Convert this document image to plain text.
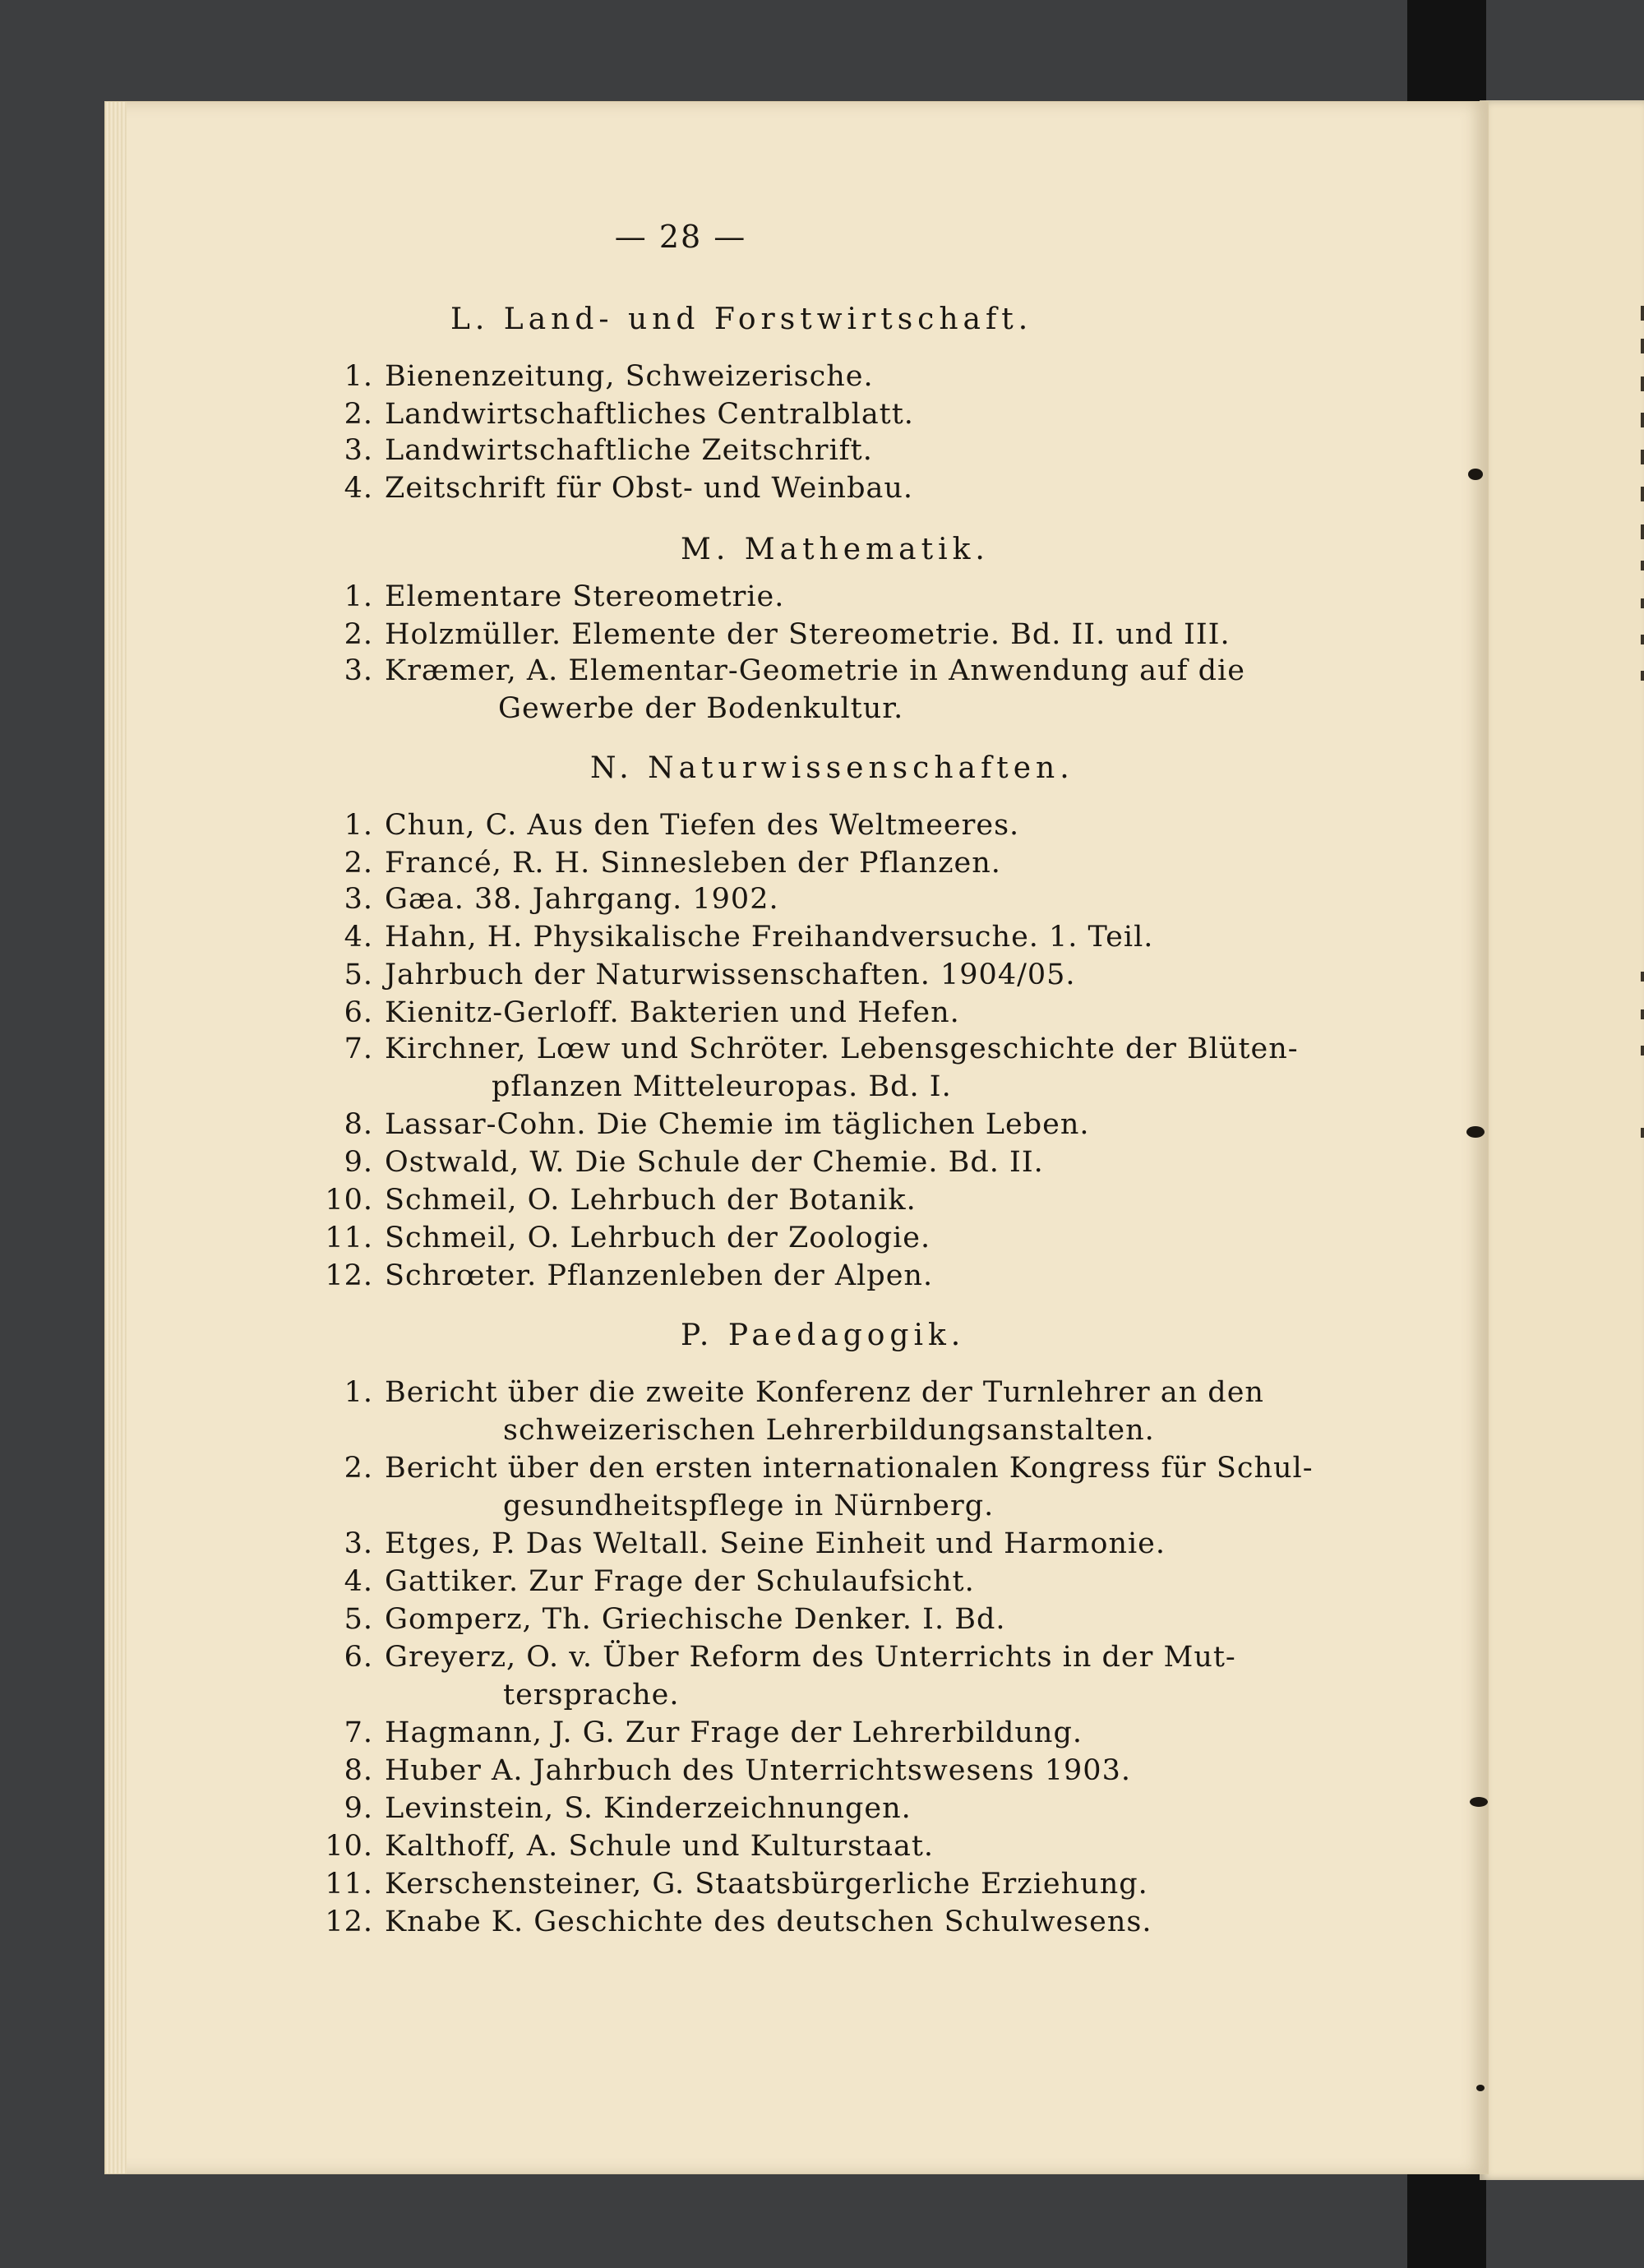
— 28 —
L. Land- und Forstwirtschaft.
1. Bienenzeitung, Schweizerische.
2. Landwirtschaftliches Centralblatt.
3. Landwirtschaftliche Zeitschrift.
4. Zeitschrift für Obst- und Weinbau.
M. Mathematik.
1. Elementare Stereometrie.
2. Holzmüller. Elemente der Stereometrie. Bd. II. und III.
3. Kræmer, A. Elementar-Geometrie in Anwendung auf die
Gewerbe der Bodenkultur.
N. Naturwissenschaften.
1. Chun, C. Aus den Tiefen des Weltmeeres.
2. Francé, R. H. Sinnesleben der Pflanzen.
3. Gæa. 38. Jahrgang. 1902.
4. Hahn, H. Physikalische Freihandversuche. 1. Teil.
5. Jahrbuch der Naturwissenschaften. 1904/05.
6. Kienitz-Gerloff. Bakterien und Hefen.
7. Kirchner, Lœw und Schröter. Lebensgeschichte der Blüten-
pflanzen Mitteleuropas. Bd. I.
8. Lassar-Cohn. Die Chemie im täglichen Leben.
9. Ostwald, W. Die Schule der Chemie. Bd. II.
10. Schmeil, O. Lehrbuch der Botanik.
11. Schmeil, O. Lehrbuch der Zoologie.
12. Schrœter. Pflanzenleben der Alpen.
P. Paedagogik.
1. Bericht über die zweite Konferenz der Turnlehrer an den
schweizerischen Lehrerbildungsanstalten.
2. Bericht über den ersten internationalen Kongress für Schul-
gesundheitspflege in Nürnberg.
3. Etges, P. Das Weltall. Seine Einheit und Harmonie.
4. Gattiker. Zur Frage der Schulaufsicht.
5. Gomperz, Th. Griechische Denker. I. Bd.
6. Greyerz, O. v. Über Reform des Unterrichts in der Mut-
tersprache.
7. Hagmann, J. G. Zur Frage der Lehrerbildung.
8. Huber A. Jahrbuch des Unterrichtswesens 1903.
9. Levinstein, S. Kinderzeichnungen.
10. Kalthoff, A. Schule und Kulturstaat.
11. Kerschensteiner, G. Staatsbürgerliche Erziehung.
12. Knabe K. Geschichte des deutschen Schulwesens.
